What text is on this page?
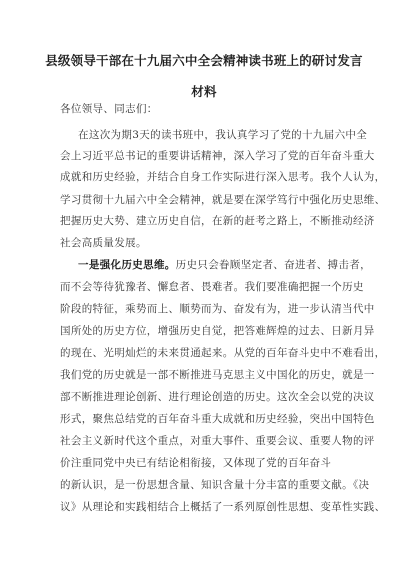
县级领导干部在十九届六中全会精神读书班上的研讨发言
材料
各位领导、同志们：
在这次为期3天的读书班中，我认真学习了党的十九届六中全
会上习近平总书记的重要讲话精神，深入学习了党的百年奋斗重大
成就和历史经验，并结合自身工作实际进行深入思考。我个人认为，
学习贯彻十九届六中全会精神，就是要在深学笃行中强化历史思维、
把握历史大势、建立历史自信，在新的赶考之路上，不断推动经济
社会高质量发展。
一是强化历史思维。历史只会眷顾坚定者、奋进者、搏击者，
而不会等待犹豫者、懈怠者、畏难者。我们要准确把握一个历史
阶段的特征，乘势而上、顺势而为、奋发有为，进一步认清当代中
国所处的历史方位，增强历史自觉，把答难辉煌的过去、日新月异
的现在、光明灿烂的未来贯通起来。从党的百年奋斗史中不难看出，
我们党的历史就是一部不断推进马克思主义中国化的历史，就是一
部不断推进理论创新、进行理论创造的历史。这次全会以党的决议
形式，聚焦总结党的百年奋斗重大成就和历史经验，突出中国特色
社会主义新时代这个重点，对重大事件、重要会议、重要人物的评
价注重同党中央已有结论相衔接，又体现了党的百年奋斗
的新认识，是一份思想含量、知识含量十分丰富的重要文献。《决
议》从理论和实践相结合上概括了一系列原创性思想、变革性实践、
